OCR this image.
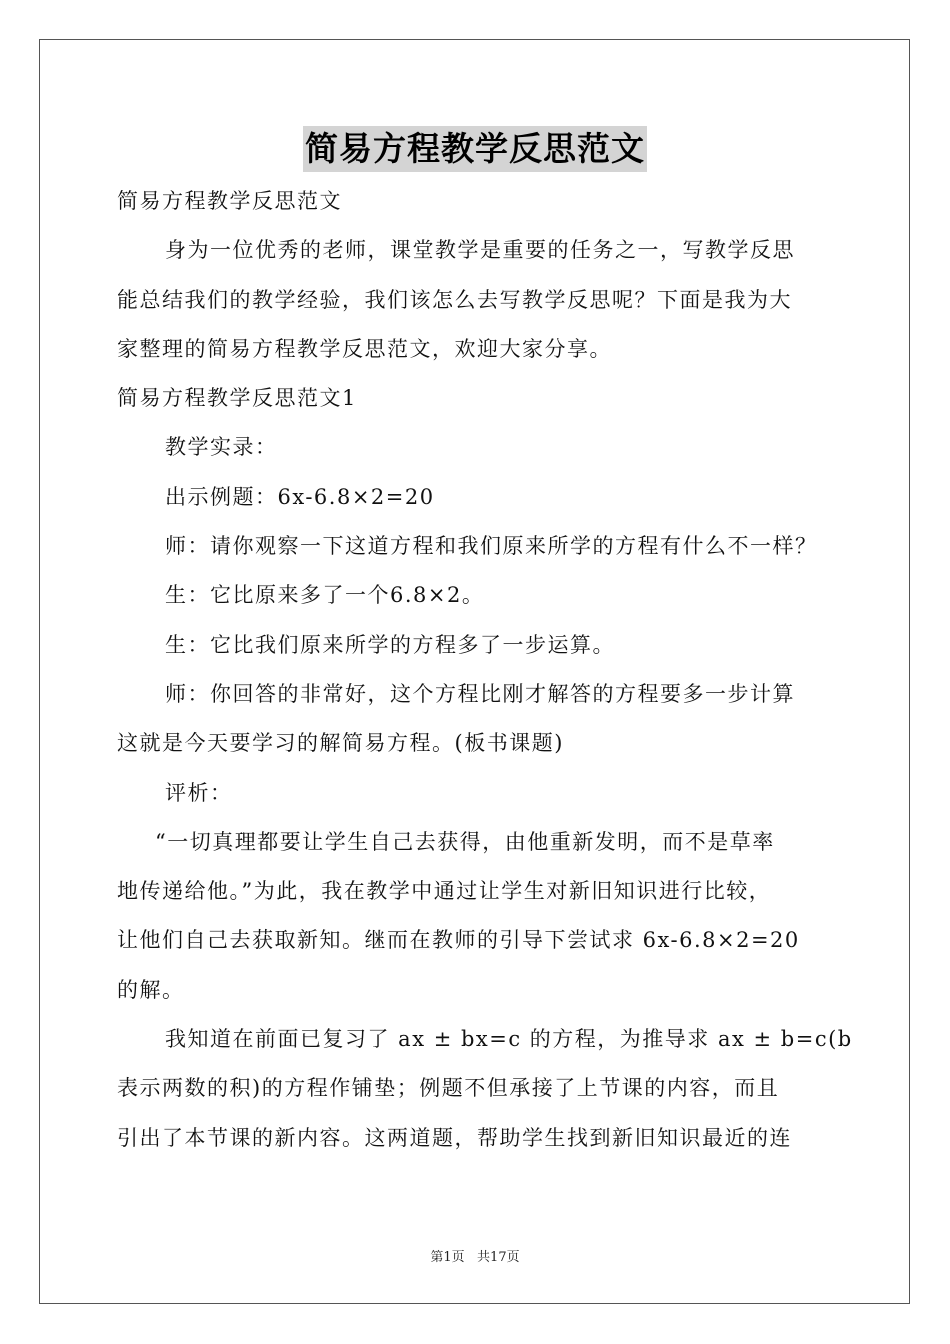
简易方程教学反思范文
简易方程教学反思范文
身为一位优秀的老师，课堂教学是重要的任务之一，写教学反思
能总结我们的教学经验，我们该怎么去写教学反思呢？下面是我为大
家整理的简易方程教学反思范文，欢迎大家分享。
简易方程教学反思范文1
教学实录：
出示例题：6x-6.8×2=20
师：请你观察一下这道方程和我们原来所学的方程有什么不一样？
生：它比原来多了一个6.8×2。
生：它比我们原来所学的方程多了一步运算。
师：你回答的非常好，这个方程比刚才解答的方程要多一步计算
这就是今天要学习的解简易方程。(板书课题)
评析：
“一切真理都要让学生自己去获得，由他重新发明，而不是草率
地传递给他。”为此，我在教学中通过让学生对新旧知识进行比较，
让他们自己去获取新知。继而在教师的引导下尝试求 6x-6.8×2=20
的解。
我知道在前面已复习了 ax ± bx=c 的方程，为推导求 ax ± b=c(b
表示两数的积)的方程作铺垫；例题不但承接了上节课的内容，而且
引出了本节课的新内容。这两道题，帮助学生找到新旧知识最近的连
第1页   共17页
